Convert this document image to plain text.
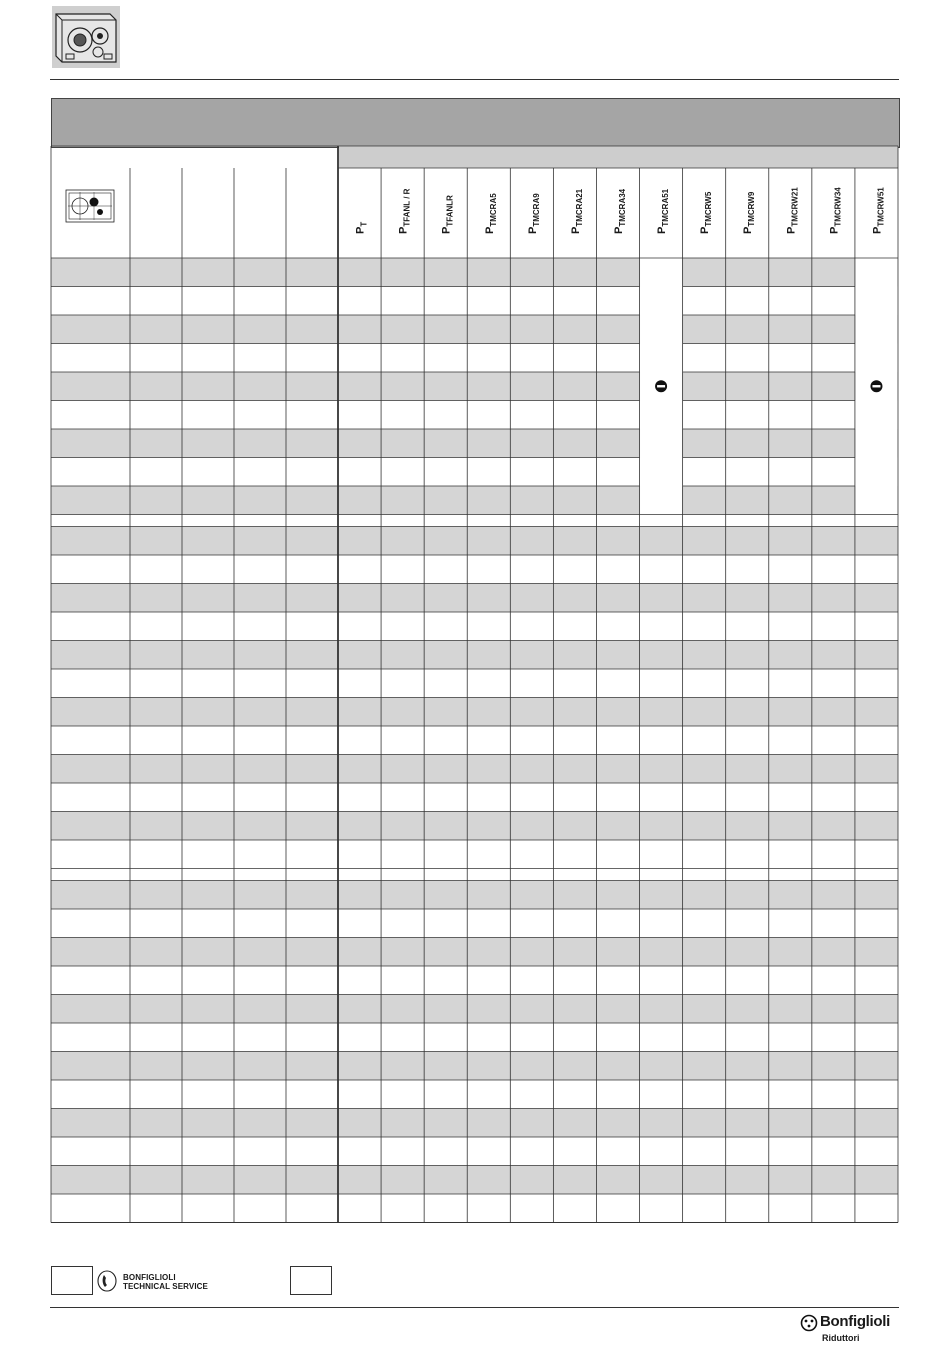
$P_T$
$P_{TFANL / R}$
$P_{TFANLR}$
$P_{TMCRA5}$
$P_{TMCRA9}$
$P_{TMCRA21}$
$P_{TMCRA34}$
$P_{TMCRA51}$
$P_{TMCRW5}$
$P_{TMCRW9}$
$P_{TMCRW21}$
$P_{TMCRW34}$
$P_{TMCRW51}$
BONFIGLIOLI
TECHNICAL SERVICE
Bonfiglioli
Riduttori
